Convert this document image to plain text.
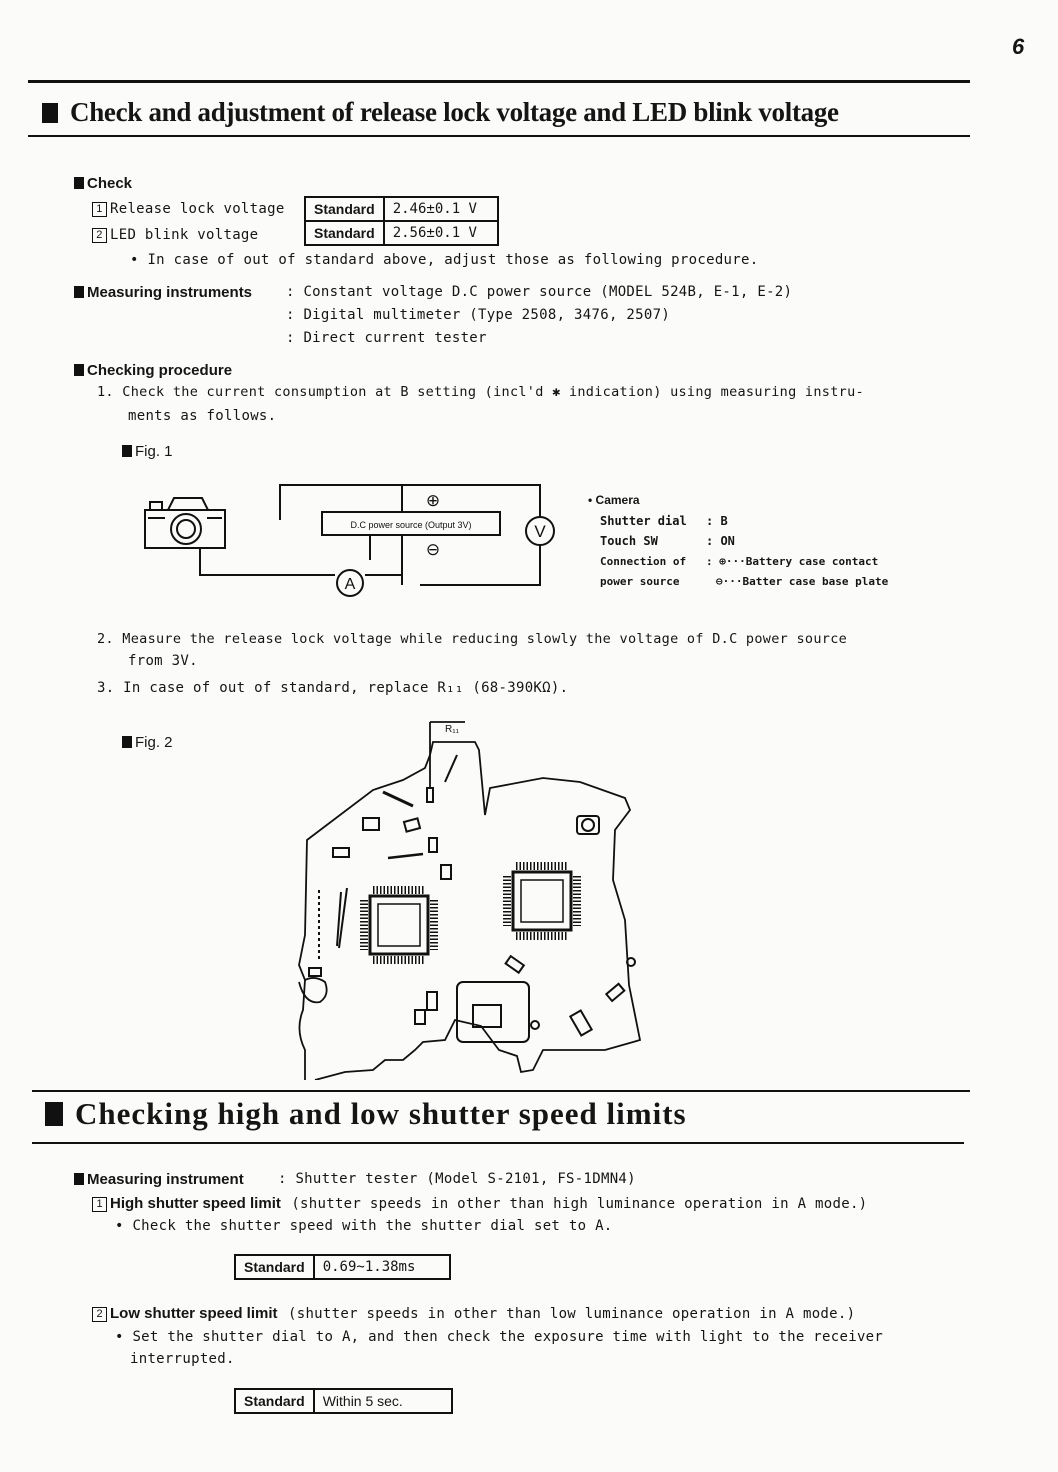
6
Check and adjustment of release lock voltage and LED blink voltage
Check
1 Release lock voltage
2 LED blink voltage
Standard	2.46±0.1 V
Standard	2.56±0.1 V
• In case of out of standard above, adjust those as following procedure.
Measuring instruments : Constant voltage D.C power source (MODEL 524B, E-1, E-2)
: Digital multimeter (Type 2508, 3476, 2507)
: Direct current tester
Checking procedure
1. Check the current consumption at B setting (incl'd ✱ indication) using measuring instru-
ments as follows.
Fig. 1
D.C power source (Output 3V)
⊕
⊖
A
V
• Camera
Shutter dial : B
Touch SW	: ON
Connection of : ⊕···Battery case contact
power source	⊖···Batter case base plate
2. Measure the release lock voltage while reducing slowly the voltage of D.C power source
from 3V.
3. In case of out of standard, replace R₁₁ (68-390KΩ).
Fig. 2
R₁₁
Checking high and low shutter speed limits
Measuring instrument : Shutter tester (Model S-2101, FS-1DMN4)
1 High shutter speed limit (shutter speeds in other than high luminance operation in A mode.)
• Check the shutter speed with the shutter dial set to A.
Standard	0.69~1.38ms
2 Low shutter speed limit (shutter speeds in other than low luminance operation in A mode.)
• Set the shutter dial to A, and then check the exposure time with light to the receiver
interrupted.
Standard	Within 5 sec.
